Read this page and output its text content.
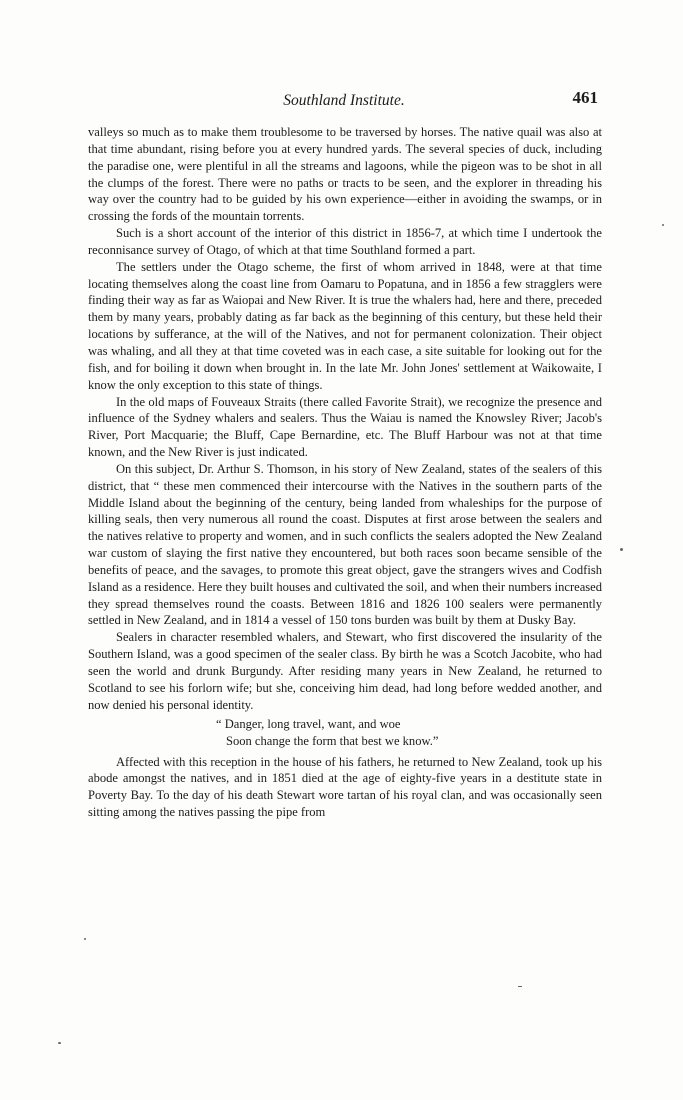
Southland Institute.	461

valleys so much as to make them troublesome to be traversed by horses. The native quail was also at that time abundant, rising before you at every hundred yards. The several species of duck, including the paradise one, were plentiful in all the streams and lagoons, while the pigeon was to be shot in all the clumps of the forest. There were no paths or tracts to be seen, and the explorer in threading his way over the country had to be guided by his own experience—either in avoiding the swamps, or in crossing the fords of the mountain torrents.

Such is a short account of the interior of this district in 1856-7, at which time I undertook the reconnisance survey of Otago, of which at that time Southland formed a part.

The settlers under the Otago scheme, the first of whom arrived in 1848, were at that time locating themselves along the coast line from Oamaru to Popatuna, and in 1856 a few stragglers were finding their way as far as Waiopai and New River. It is true the whalers had, here and there, preceded them by many years, probably dating as far back as the beginning of this century, but these held their locations by sufferance, at the will of the Natives, and not for permanent colonization. Their object was whaling, and all they at that time coveted was in each case, a site suitable for looking out for the fish, and for boiling it down when brought in. In the late Mr. John Jones' settlement at Waikowaite, I know the only exception to this state of things.

In the old maps of Fouveaux Straits (there called Favorite Strait), we recognize the presence and influence of the Sydney whalers and sealers. Thus the Waiau is named the Knowsley River; Jacob's River, Port Macquarie; the Bluff, Cape Bernardine, etc. The Bluff Harbour was not at that time known, and the New River is just indicated.

On this subject, Dr. Arthur S. Thomson, in his story of New Zealand, states of the sealers of this district, that “ these men commenced their intercourse with the Natives in the southern parts of the Middle Island about the beginning of the century, being landed from whaleships for the purpose of killing seals, then very numerous all round the coast. Disputes at first arose between the sealers and the natives relative to property and women, and in such conflicts the sealers adopted the New Zealand war custom of slaying the first native they encountered, but both races soon became sensible of the benefits of peace, and the savages, to promote this great object, gave the strangers wives and Codfish Island as a residence. Here they built houses and cultivated the soil, and when their numbers increased they spread themselves round the coasts. Between 1816 and 1826 100 sealers were permanently settled in New Zealand, and in 1814 a vessel of 150 tons burden was built by them at Dusky Bay.

Sealers in character resembled whalers, and Stewart, who first discovered the insularity of the Southern Island, was a good specimen of the sealer class. By birth he was a Scotch Jacobite, who had seen the world and drunk Burgundy. After residing many years in New Zealand, he returned to Scotland to see his forlorn wife; but she, conceiving him dead, had long before wedded another, and now denied his personal identity.

“ Danger, long travel, want, and woe
Soon change the form that best we know.”

Affected with this reception in the house of his fathers, he returned to New Zealand, took up his abode amongst the natives, and in 1851 died at the age of eighty-five years in a destitute state in Poverty Bay. To the day of his death Stewart wore tartan of his royal clan, and was occasionally seen sitting among the natives passing the pipe from
